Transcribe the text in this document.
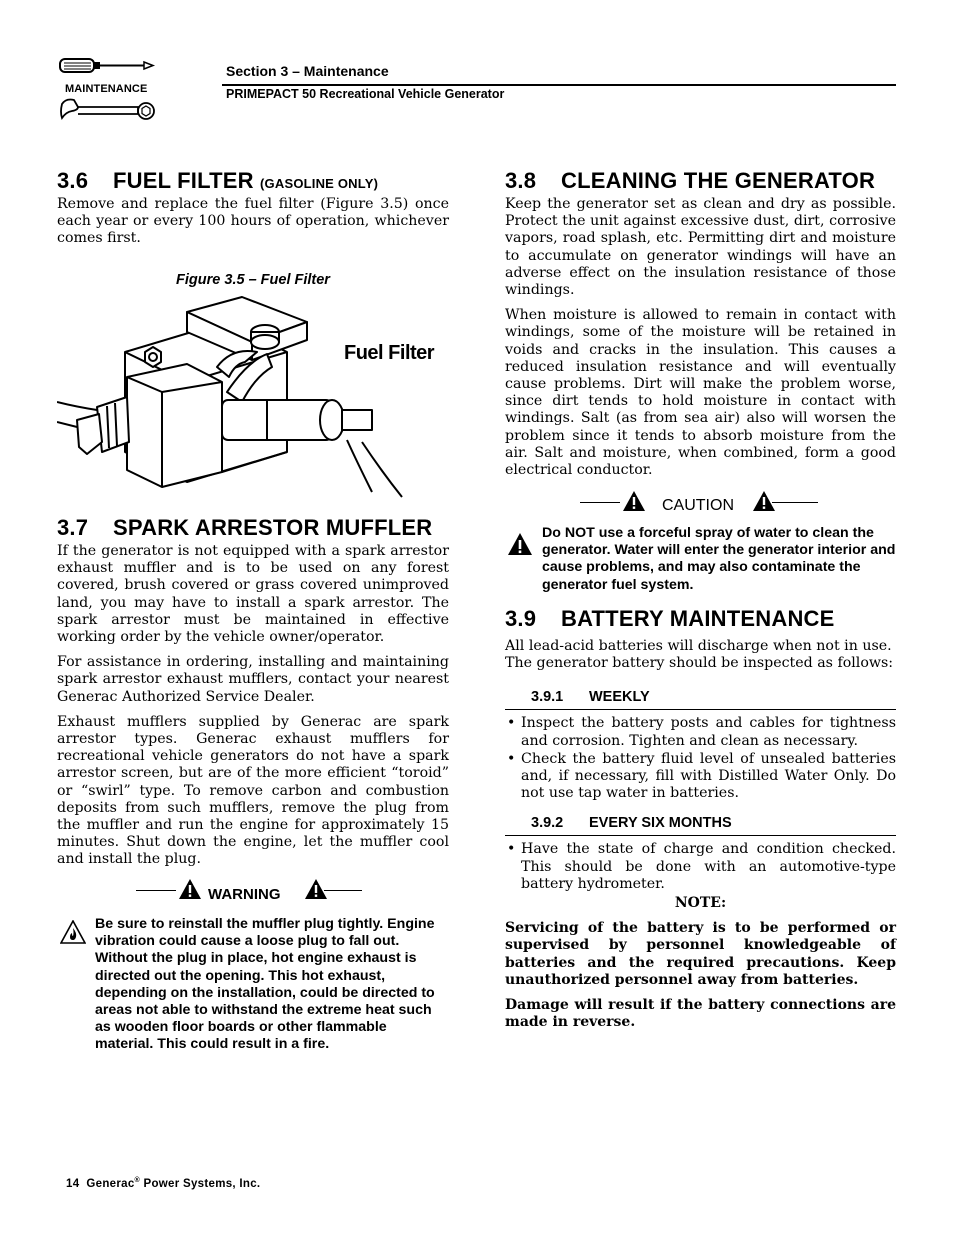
MAINTENANCE
Section 3 – Maintenance
PRIMEPACT 50 Recreational Vehicle Generator
3.6 FUEL FILTER (GASOLINE ONLY)

Remove and replace the fuel filter (Figure 3.5) once each year or every 100 hours of operation, whichever comes first.

Figure 3.5 – Fuel Filter
Fuel Filter
3.7 SPARK ARRESTOR MUFFLER

If the generator is not equipped with a spark arrestor exhaust muffler and is to be used on any forest covered, brush covered or grass covered unimproved land, you may have to install a spark arrestor. The spark arrestor must be maintained in effective working order by the vehicle owner/operator.

For assistance in ordering, installing and maintaining spark arrestor exhaust mufflers, contact your nearest Generac Authorized Service Dealer.

Exhaust mufflers supplied by Generac are spark arrestor types. Generac exhaust mufflers for recreational vehicle generators do not have a spark arrestor screen, but are of the more efficient “toroid” or “swirl” type. To remove carbon and combustion deposits from such mufflers, remove the plug from the muffler and run the engine for approximately 15 minutes. Shut down the engine, let the muffler cool and install the plug.

WARNING
Be sure to reinstall the muffler plug tightly. Engine vibration could cause a loose plug to fall out. Without the plug in place, hot engine exhaust is directed out the opening. This hot exhaust, depending on the installation, could be directed to areas not able to withstand the extreme heat such as wooden floor boards or other flammable material. This could result in a fire.
3.8 CLEANING THE GENERATOR

Keep the generator set as clean and dry as possible. Protect the unit against excessive dust, dirt, corrosive vapors, road splash, etc. Permitting dirt and moisture to accumulate on generator windings will have an adverse effect on the insulation resistance of those windings.

When moisture is allowed to remain in contact with windings, some of the moisture will be retained in voids and cracks in the insulation. This causes a reduced insulation resistance and will eventually cause problems. Dirt will make the problem worse, since dirt tends to hold moisture in contact with windings. Salt (as from sea air) also will worsen the problem since it tends to absorb moisture from the air. Salt and moisture, when combined, form a good electrical conductor.

CAUTION
Do NOT use a forceful spray of water to clean the generator. Water will enter the generator interior and cause problems, and may also contaminate the generator fuel system.
3.9 BATTERY MAINTENANCE

All lead-acid batteries will discharge when not in use. The generator battery should be inspected as follows:

3.9.1 WEEKLY
• Inspect the battery posts and cables for tightness and corrosion. Tighten and clean as necessary.
• Check the battery fluid level of unsealed batteries and, if necessary, fill with Distilled Water Only. Do not use tap water in batteries.
3.9.2 EVERY SIX MONTHS
• Have the state of charge and condition checked. This should be done with an automotive-type battery hydrometer.
NOTE:

Servicing of the battery is to be performed or supervised by personnel knowledgeable of batteries and the required precautions. Keep unauthorized personnel away from batteries.

Damage will result if the battery connections are made in reverse.

14 Generac® Power Systems, Inc.
